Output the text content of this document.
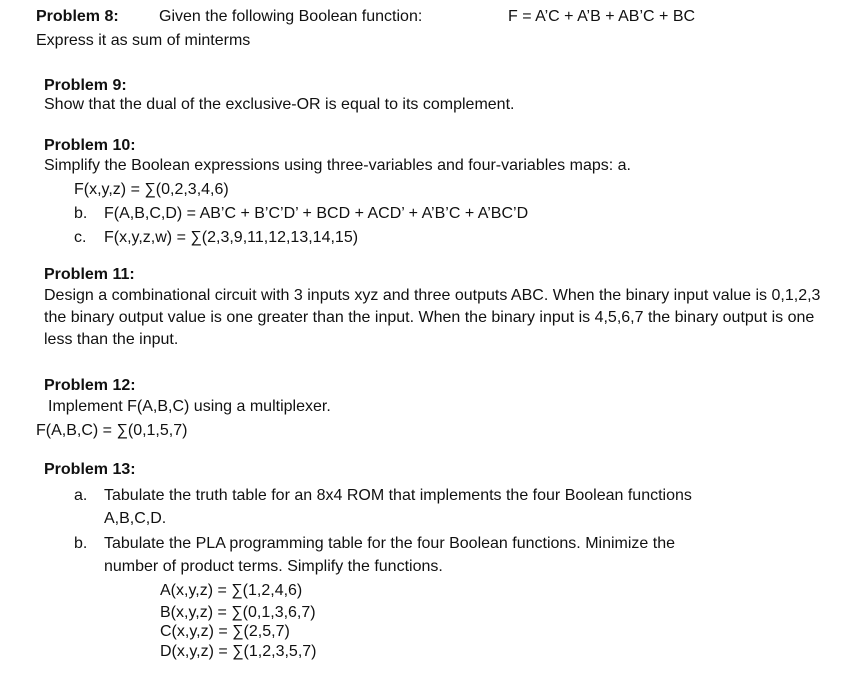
Problem 8:	Given the following Boolean function:	F = A’C + A’B + AB’C + BC
Express it as sum of minterms
Problem 9:
Show that the dual of the exclusive-OR is equal to its complement.
Problem 10:
Simplify the Boolean expressions using three-variables and four-variables maps: a.
F(x,y,z) = ∑(0,2,3,4,6)
b. F(A,B,C,D) = AB’C + B’C’D’ + BCD + ACD’ + A’B’C + A’BC’D
c. F(x,y,z,w) = ∑(2,3,9,11,12,13,14,15)
Problem 11:
Design a combinational circuit with 3 inputs xyz and three outputs ABC. When the binary input value is 0,1,2,3 the binary output value is one greater than the input. When the binary input is 4,5,6,7 the binary output is one less than the input.
Problem 12:
Implement F(A,B,C) using a multiplexer.
F(A,B,C) = ∑(0,1,5,7)
Problem 13:
a. Tabulate the truth table for an 8x4 ROM that implements the four Boolean functions
A,B,C,D.
b. Tabulate the PLA programming table for the four Boolean functions. Minimize the
number of product terms. Simplify the functions.
A(x,y,z) = ∑(1,2,4,6)
B(x,y,z) = ∑(0,1,3,6,7)
C(x,y,z) = ∑(2,5,7)
D(x,y,z) = ∑(1,2,3,5,7)
